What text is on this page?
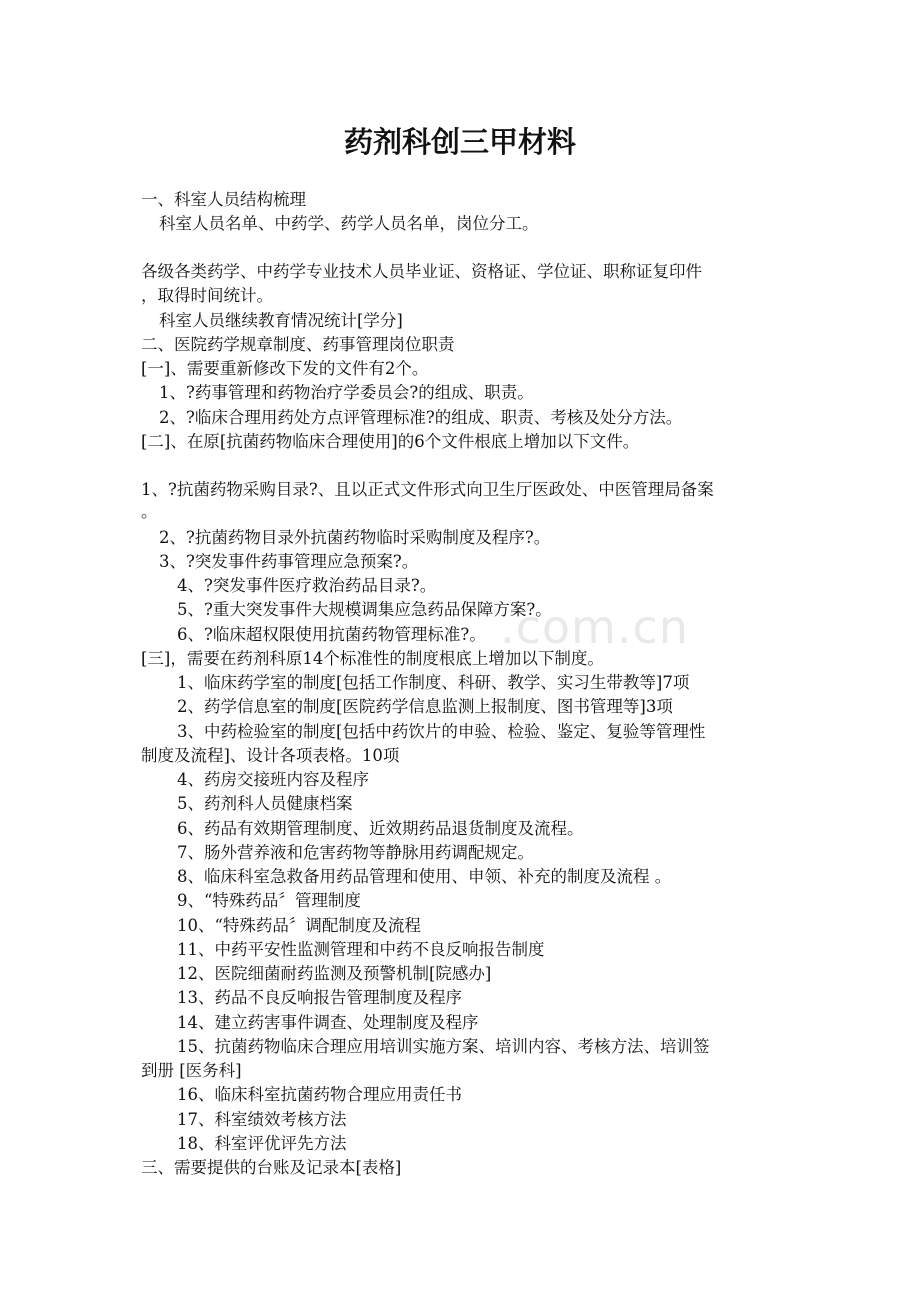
.com.cn
药剂科创三甲材料
一、科室人员结构梳理
科室人员名单、中药学、药学人员名单，岗位分工。
各级各类药学、中药学专业技术人员毕业证、资格证、学位证、职称证复印件
，取得时间统计。
科室人员继续教育情况统计[学分]
二、医院药学规章制度、药事管理岗位职责
[一]、需要重新修改下发的文件有2个。
1、?药事管理和药物治疗学委员会?的组成、职责。
2、?临床合理用药处方点评管理标准?的组成、职责、考核及处分方法。
[二]、在原[抗菌药物临床合理使用]的6个文件根底上增加以下文件。
1、?抗菌药物采购目录?、且以正式文件形式向卫生厅医政处、中医管理局备案
。
2、?抗菌药物目录外抗菌药物临时采购制度及程序?。
3、?突发事件药事管理应急预案?。
4、?突发事件医疗救治药品目录?。
5、?重大突发事件大规模调集应急药品保障方案?。
6、?临床超权限使用抗菌药物管理标准?。
[三]，需要在药剂科原14个标准性的制度根底上增加以下制度。
1、临床药学室的制度[包括工作制度、科研、教学、实习生带教等]7项
2、药学信息室的制度[医院药学信息监测上报制度、图书管理等]3项
3、中药检验室的制度[包括中药饮片的申验、检验、鉴定、复验等管理性
制度及流程]、设计各项表格。10项
4、药房交接班内容及程序
5、药剂科人员健康档案
6、药品有效期管理制度、近效期药品退货制度及流程。
7、肠外营养液和危害药物等静脉用药调配规定。
8、临床科室急救备用药品管理和使用、申领、补充的制度及流程 。
9、“特殊药品〞管理制度
10、“特殊药品〞调配制度及流程
11、中药平安性监测管理和中药不良反响报告制度
12、医院细菌耐药监测及预警机制[院感办]
13、药品不良反响报告管理制度及程序
14、建立药害事件调查、处理制度及程序
15、抗菌药物临床合理应用培训实施方案、培训内容、考核方法、培训签
到册 [医务科]
16、临床科室抗菌药物合理应用责任书
17、科室绩效考核方法
18、科室评优评先方法
三、需要提供的台账及记录本[表格]
